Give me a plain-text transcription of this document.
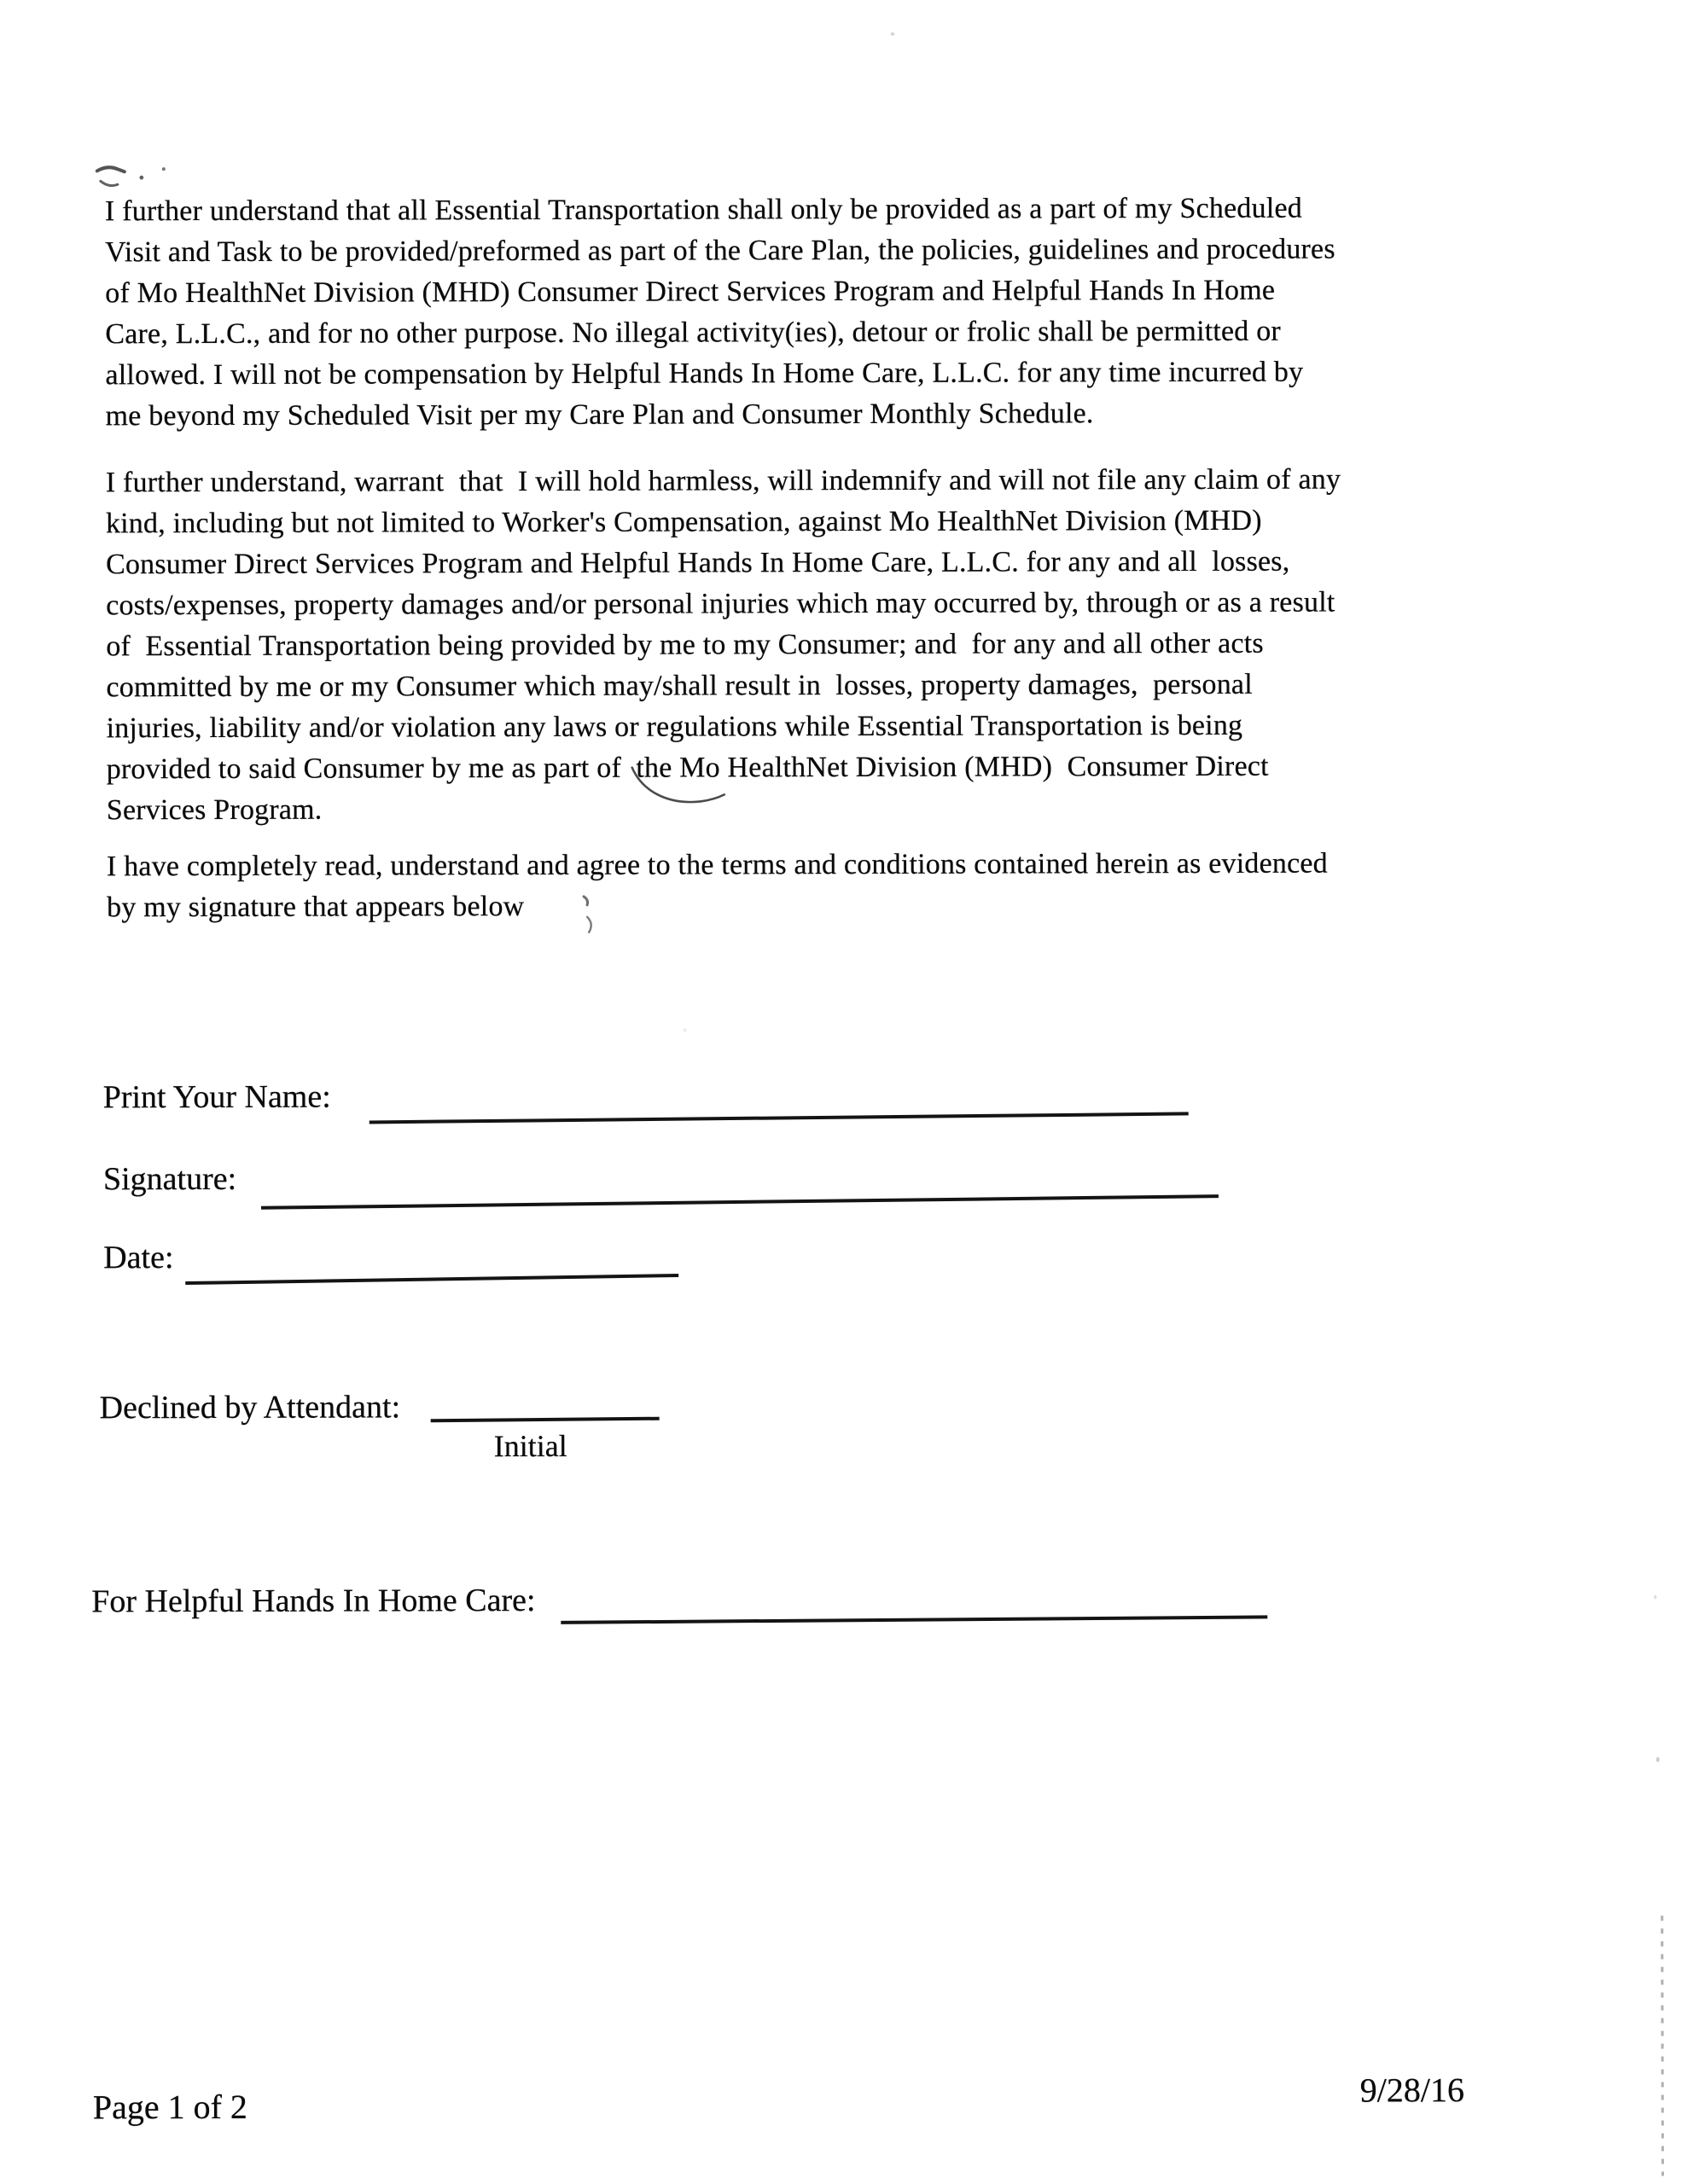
I further understand that all Essential Transportation shall only be provided as a part of my Scheduled
Visit and Task to be provided/preformed as part of the Care Plan, the policies, guidelines and procedures
of Mo HealthNet Division (MHD) Consumer Direct Services Program and Helpful Hands In Home
Care, L.L.C., and for no other purpose. No illegal activity(ies), detour or frolic shall be permitted or
allowed. I will not be compensation by Helpful Hands In Home Care, L.L.C. for any time incurred by
me beyond my Scheduled Visit per my Care Plan and Consumer Monthly Schedule.
I further understand, warrant  that  I will hold harmless, will indemnify and will not file any claim of any
kind, including but not limited to Worker's Compensation, against Mo HealthNet Division (MHD)
Consumer Direct Services Program and Helpful Hands In Home Care, L.L.C. for any and all  losses,
costs/expenses, property damages and/or personal injuries which may occurred by, through or as a result
of  Essential Transportation being provided by me to my Consumer; and  for any and all other acts
committed by me or my Consumer which may/shall result in  losses, property damages,  personal
injuries, liability and/or violation any laws or regulations while Essential Transportation is being
provided to said Consumer by me as part of  the Mo HealthNet Division (MHD)  Consumer Direct
Services Program.
I have completely read, understand and agree to the terms and conditions contained herein as evidenced
by my signature that appears below
Print Your Name:
Signature:
Date:
Declined by Attendant:
Initial
For Helpful Hands In Home Care:
Page 1 of 2	9/28/16
